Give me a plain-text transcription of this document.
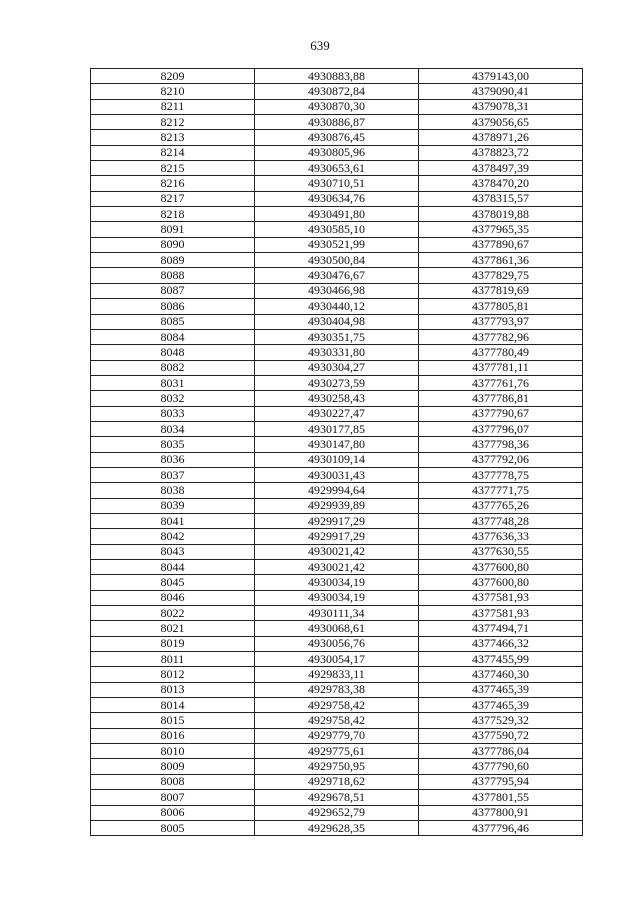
639
8209	4930883,88	4379143,00
8210	4930872,84	4379090,41
8211	4930870,30	4379078,31
8212	4930886,87	4379056,65
8213	4930876,45	4378971,26
8214	4930805,96	4378823,72
8215	4930653,61	4378497,39
8216	4930710,51	4378470,20
8217	4930634,76	4378315,57
8218	4930491,80	4378019,88
8091	4930585,10	4377965,35
8090	4930521,99	4377890,67
8089	4930500,84	4377861,36
8088	4930476,67	4377829,75
8087	4930466,98	4377819,69
8086	4930440,12	4377805,81
8085	4930404,98	4377793,97
8084	4930351,75	4377782,96
8048	4930331,80	4377780,49
8082	4930304,27	4377781,11
8031	4930273,59	4377761,76
8032	4930258,43	4377786,81
8033	4930227,47	4377790,67
8034	4930177,85	4377796,07
8035	4930147,80	4377798,36
8036	4930109,14	4377792,06
8037	4930031,43	4377778,75
8038	4929994,64	4377771,75
8039	4929939,89	4377765,26
8041	4929917,29	4377748,28
8042	4929917,29	4377636,33
8043	4930021,42	4377630,55
8044	4930021,42	4377600,80
8045	4930034,19	4377600,80
8046	4930034,19	4377581,93
8022	4930111,34	4377581,93
8021	4930068,61	4377494,71
8019	4930056,76	4377466,32
8011	4930054,17	4377455,99
8012	4929833,11	4377460,30
8013	4929783,38	4377465,39
8014	4929758,42	4377465,39
8015	4929758,42	4377529,32
8016	4929779,70	4377590,72
8010	4929775,61	4377786,04
8009	4929750,95	4377790,60
8008	4929718,62	4377795,94
8007	4929678,51	4377801,55
8006	4929652,79	4377800,91
8005	4929628,35	4377796,46
